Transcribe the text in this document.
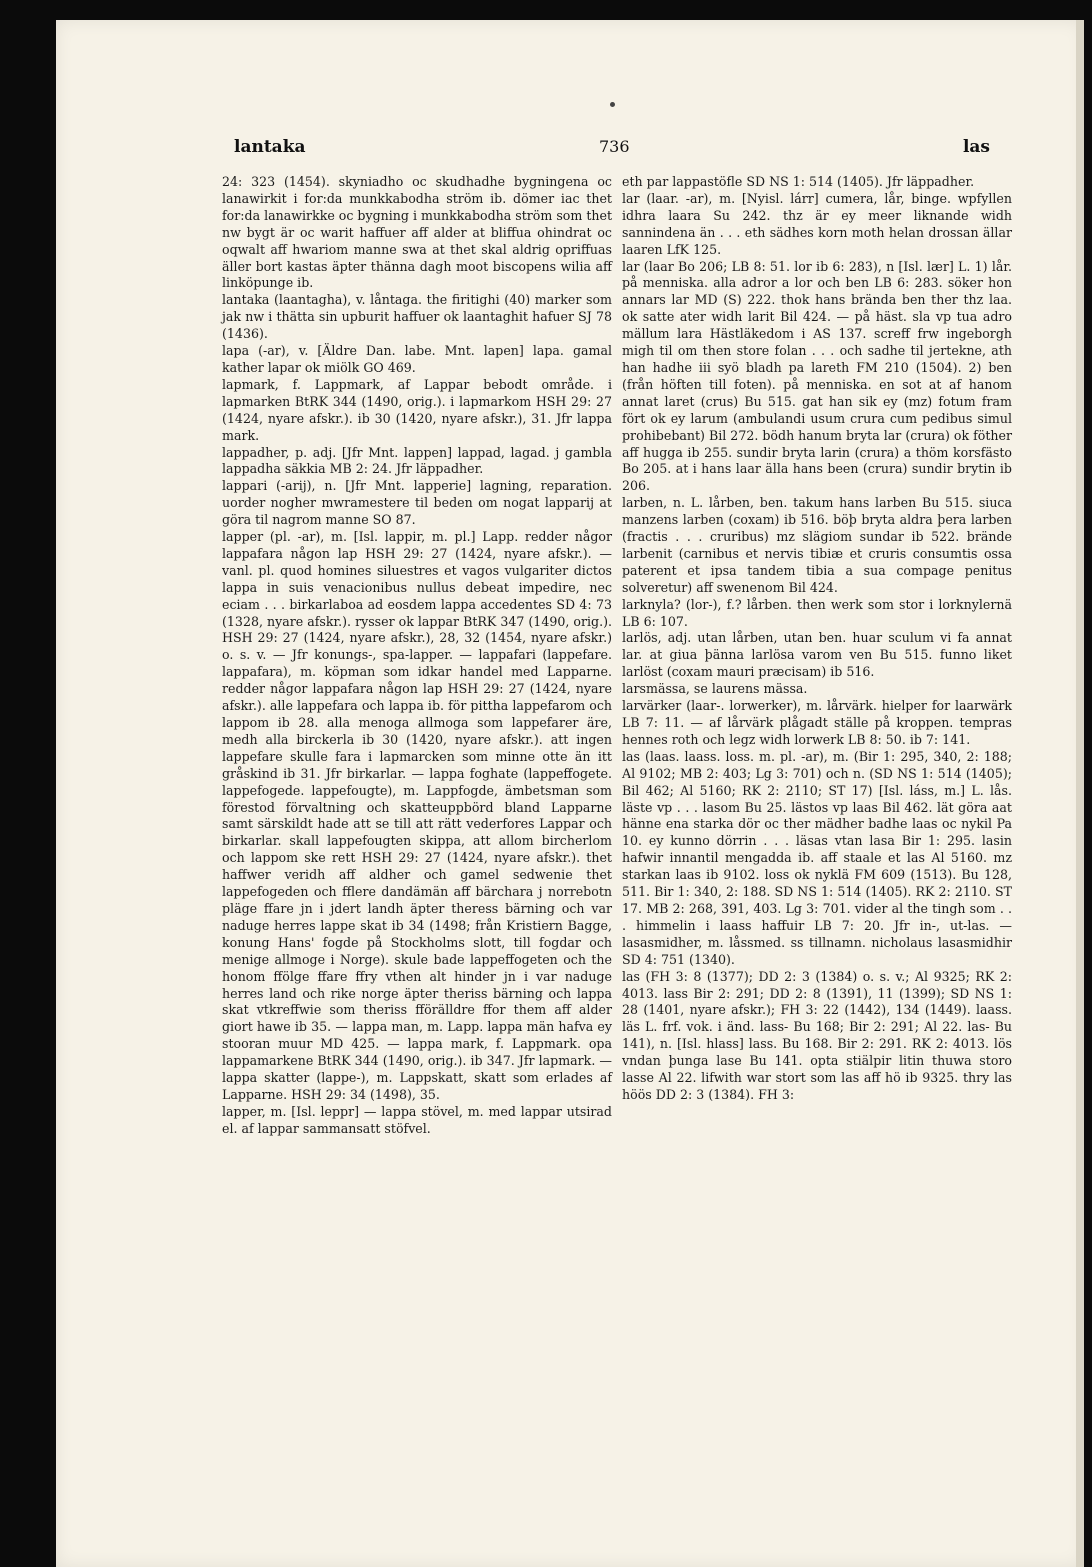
lantaka	736	las

24: 323 (1454). skyniadho oc skudhadhe bygningena oc lanawirkit i for:da munkkabodha ström ib. dömer iac thet for:da lanawirkke oc bygning i munkkabodha ström som thet nw bygt är oc warit haffuer aff alder at bliffua ohindrat oc oqwalt aff hwariom manne swa at thet skal aldrig opriffuas äller bort kastas äpter thänna dagh moot biscopens wilia aff linköpunge ib.

lantaka (laantagha), v. låntaga. the firitighi (40) marker som jak nw i thätta sin upburit haffuer ok laantaghit hafuer SJ 78 (1436).

lapa (-ar), v. [Äldre Dan. labe. Mnt. lapen] lapa. gamal kather lapar ok miölk GO 469.

lapmark, f. Lappmark, af Lappar bebodt område. i lapmarken BtRK 344 (1490, orig.). i lapmarkom HSH 29: 27 (1424, nyare afskr.). ib 30 (1420, nyare afskr.), 31. Jfr lappa mark.

lappadher, p. adj. [Jfr Mnt. lappen] lappad, lagad. j gambla lappadha säkkia MB 2: 24. Jfr läppadher.

lappari (-arij), n. [Jfr Mnt. lapperie] lagning, reparation. uorder nogher mwramestere til beden om nogat lapparij at göra til nagrom manne SO 87.

lapper (pl. -ar), m. [Isl. lappir, m. pl.] Lapp. redder någor lappafara någon lap HSH 29: 27 (1424, nyare afskr.). — vanl. pl. quod homines siluestres et vagos vulgariter dictos lappa in suis venacionibus nullus debeat impedire, nec eciam . . . birkarlaboa ad eosdem lappa accedentes SD 4: 73 (1328, nyare afskr.). rysser ok lappar BtRK 347 (1490, orig.). HSH 29: 27 (1424, nyare afskr.), 28, 32 (1454, nyare afskr.) o. s. v. — Jfr konungs-, spa-lapper. — lappafari (lappefare. lappafara), m. köpman som idkar handel med Lapparne. redder någor lappafara någon lap HSH 29: 27 (1424, nyare afskr.). alle lappefara och lappa ib. för pittha lappefarom och lappom ib 28. alla menoga allmoga som lappefarer äre, medh alla birckerla ib 30 (1420, nyare afskr.). att ingen lappefare skulle fara i lapmarcken som minne otte än itt gråskind ib 31. Jfr birkarlar. — lappa foghate (lappeffogete. lappefogede. lappefougte), m. Lappfogde, ämbetsman som förestod förvaltning och skatteuppbörd bland Lapparne samt särskildt hade att se till att rätt vederfores Lappar och birkarlar. skall lappefougten skippa, att allom bircherlom och lappom ske rett HSH 29: 27 (1424, nyare afskr.). thet haffwer veridh aff aldher och gamel sedwenie thet lappefogeden och fflere dandämän aff bärchara j norrebotn pläge ffare jn i jdert landh äpter theress bärning och var naduge herres lappe skat ib 34 (1498; från Kristiern Bagge, konung Hans' fogde på Stockholms slott, till fogdar och menige allmoge i Norge). skule bade lappeffogeten och the honom ffölge ffare ffry vthen alt hinder jn i var naduge herres land och rike norge äpter theriss bärning och lappa skat vtkreffwie som theriss fförälldre ffor them aff alder giort hawe ib 35. — lappa man, m. Lapp. lappa män hafva ey stooran muur MD 425. — lappa mark, f. Lappmark. opa lappamarkene BtRK 344 (1490, orig.). ib 347. Jfr lapmark. — lappa skatter (lappe-), m. Lappskatt, skatt som erlades af Lapparne. HSH 29: 34 (1498), 35.

lapper, m. [Isl. leppr] — lappa stövel, m. med lappar utsirad el. af lappar sammansatt stöfvel.

eth par lappastöfle SD NS 1: 514 (1405). Jfr läppadher.

lar (laar. -ar), m. [Nyisl. lárr] cumera, lår, binge. wpfyllen idhra laara Su 242. thz är ey meer liknande widh sannindena än . . . eth sädhes korn moth helan drossan ällar laaren LfK 125.

lar (laar Bo 206; LB 8: 51. lor ib 6: 283), n [Isl. lær] L. 1) lår. på menniska. alla adror a lor och ben LB 6: 283. söker hon annars lar MD (S) 222. thok hans brända ben ther thz laa. ok satte ater widh larit Bil 424. — på häst. sla vp tua adro mällum lara Hästläkedom i AS 137. screff frw ingeborgh migh til om then store folan . . . och sadhe til jertekne, ath han hadhe iii syö bladh pa lareth FM 210 (1504). 2) ben (från höften till foten). på menniska. en sot at af hanom annat laret (crus) Bu 515. gat han sik ey (mz) fotum fram fört ok ey larum (ambulandi usum crura cum pedibus simul prohibebant) Bil 272. bödh hanum bryta lar (crura) ok föther aff hugga ib 255. sundir bryta larin (crura) a thöm korsfästo Bo 205. at i hans laar älla hans been (crura) sundir brytin ib 206.

larben, n. L. lårben, ben. takum hans larben Bu 515. siuca manzens larben (coxam) ib 516. böþ bryta aldra þera larben (fractis . . . cruribus) mz slägiom sundar ib 522. brände larbenit (carnibus et nervis tibiæ et cruris consumtis ossa paterent et ipsa tandem tibia a sua compage penitus solveretur) aff swenenom Bil 424.

larknyla? (lor-), f.? lårben. then werk som stor i lorknylernä LB 6: 107.

larlös, adj. utan lårben, utan ben. huar sculum vi fa annat lar. at giua þänna larlösa varom ven Bu 515. funno liket larlöst (coxam mauri præcisam) ib 516.

larsmässa, se laurens mässa.

larvärker (laar-. lorwerker), m. lårvärk. hielper for laarwärk LB 7: 11. — af lårvärk plågadt ställe på kroppen. tempras hennes roth och legz widh lorwerk LB 8: 50. ib 7: 141.

las (laas. laass. loss. m. pl. -ar), m. (Bir 1: 295, 340, 2: 188; Al 9102; MB 2: 403; Lg 3: 701) och n. (SD NS 1: 514 (1405); Bil 462; Al 5160; RK 2: 2110; ST 17) [Isl. láss, m.] L. lås. läste vp . . . lasom Bu 25. lästos vp laas Bil 462. lät göra aat hänne ena starka dör oc ther mädher badhe laas oc nykil Pa 10. ey kunno dörrin . . . läsas vtan lasa Bir 1: 295. lasin hafwir innantil mengadda ib. aff staale et las Al 5160. mz starkan laas ib 9102. loss ok nyklä FM 609 (1513). Bu 128, 511. Bir 1: 340, 2: 188. SD NS 1: 514 (1405). RK 2: 2110. ST 17. MB 2: 268, 391, 403. Lg 3: 701. vider al the tingh som . . . himmelin i laass haffuir LB 7: 20. Jfr in-, ut-las. — lasasmidher, m. låssmed. ss tillnamn. nicholaus lasasmidhir SD 4: 751 (1340).

las (FH 3: 8 (1377); DD 2: 3 (1384) o. s. v.; Al 9325; RK 2: 4013. lass Bir 2: 291; DD 2: 8 (1391), 11 (1399); SD NS 1: 28 (1401, nyare afskr.); FH 3: 22 (1442), 134 (1449). laass. läs L. frf. vok. i änd. lass- Bu 168; Bir 2: 291; Al 22. las- Bu 141), n. [Isl. hlass] lass. Bu 168. Bir 2: 291. RK 2: 4013. lös vndan þunga lase Bu 141. opta stiälpir litin thuwa storo lasse Al 22. lifwith war stort som las aff hö ib 9325. thry las höös DD 2: 3 (1384). FH 3:
